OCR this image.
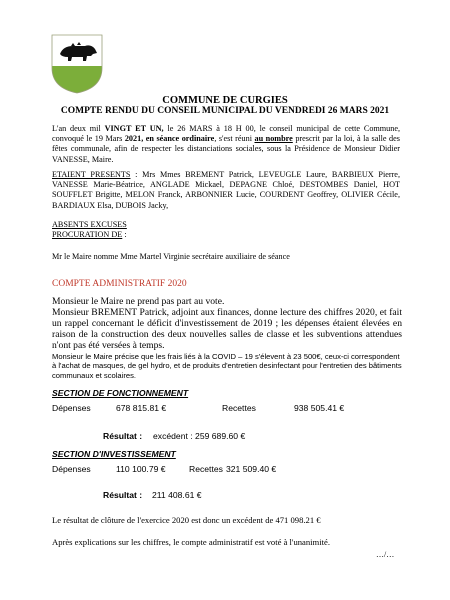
COMMUNE DE CURGIES
COMPTE RENDU DU CONSEIL MUNICIPAL DU VENDREDI 26 MARS 2021
L'an deux mil VINGT ET UN, le 26 MARS à 18 H 00, le conseil municipal de cette Commune, convoqué le 19 Mars 2021, en séance ordinaire, s'est réuni au nombre prescrit par la loi, à la salle des fêtes communale, afin de respecter les distanciations sociales, sous la Présidence de Monsieur Didier VANESSE, Maire.
ETAIENT PRESENTS : Mrs Mmes BREMENT Patrick, LEVEUGLE Laure, BARBIEUX Pierre, VANESSE Marie-Béatrice, ANGLADE Mickael, DEPAGNE Chloé, DESTOMBES Daniel, HOT SOUFFLET Brigitte, MELON Franck, ARBONNIER Lucie, COURDENT Geoffrey, OLIVIER Cécile, BARDIAUX Elsa, DUBOIS Jacky,
ABSENTS EXCUSES
PROCURATION DE :
Mr le Maire nomme Mme Martel Virginie secrétaire auxiliaire de séance
COMPTE ADMINISTRATIF 2020
Monsieur le Maire ne prend pas part au vote.
Monsieur BREMENT Patrick, adjoint aux finances, donne lecture des chiffres 2020, et fait un rappel concernant le déficit d'investissement de 2019 ; les dépenses étaient élevées en raison de la construction des deux nouvelles salles de classe et les subventions attendues n'ont pas été versées à temps.
Monsieur le Maire précise que les frais liés à la COVID – 19 s'élevent à 23 500€, ceux-ci correspondent à l'achat de masques, de gel hydro, et de produits d'entretien desinfectant pour l'entretien des bâtiments communaux et scolaires.
SECTION DE FONCTIONNEMENT
Dépenses	678 815.81 €	Recettes	938 505.41 €
Résultat : excédent : 259 689.60 €
SECTION D'INVESTISSEMENT
Dépenses	110 100.79 €	Recettes 321 509.40 €
Résultat : 211 408.61 €
Le résultat de clôture de l'exercice 2020 est donc un excédent de 471 098.21 €
Après explications sur les chiffres, le compte administratif est voté à l'unanimité.
…/…
